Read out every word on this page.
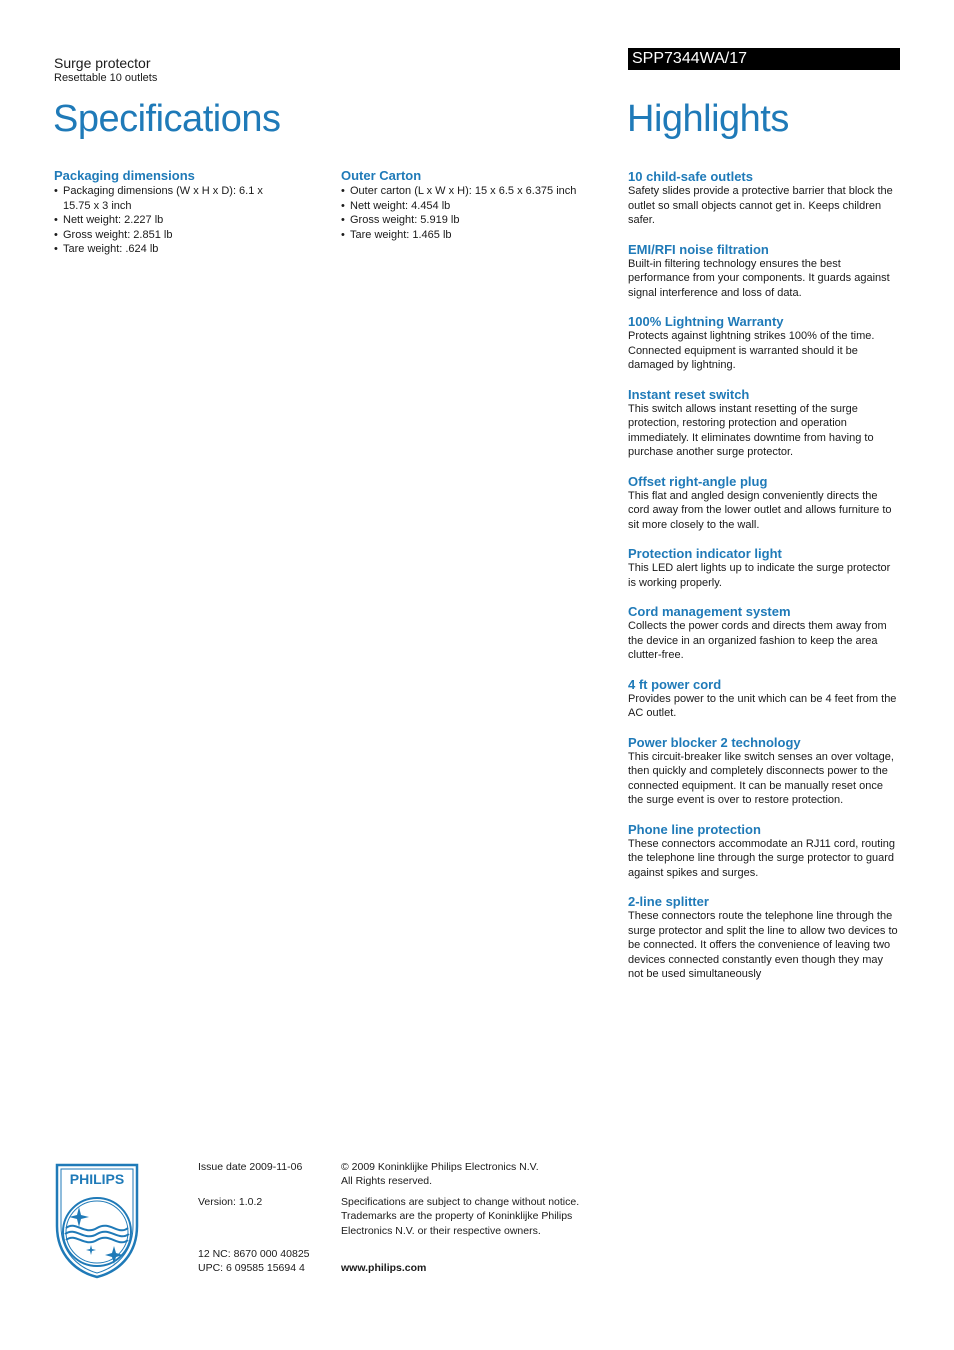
Surge protector
Resettable 10 outlets
Specifications
SPP7344WA/17
Highlights
Packaging dimensions
• Packaging dimensions (W x H x D): 6.1 x 15.75 x 3 inch
• Nett weight: 2.227 lb
• Gross weight: 2.851 lb
• Tare weight: .624 lb
Outer Carton
• Outer carton (L x W x H): 15 x 6.5 x 6.375 inch
• Nett weight: 4.454 lb
• Gross weight: 5.919 lb
• Tare weight: 1.465 lb
10 child-safe outlets
Safety slides provide a protective barrier that block the outlet so small objects cannot get in. Keeps children safer.
EMI/RFI noise filtration
Built-in filtering technology ensures the best performance from your components. It guards against signal interference and loss of data.
100% Lightning Warranty
Protects against lightning strikes 100% of the time. Connected equipment is warranted should it be damaged by lightning.
Instant reset switch
This switch allows instant resetting of the surge protection, restoring protection and operation immediately. It eliminates downtime from having to purchase another surge protector.
Offset right-angle plug
This flat and angled design conveniently directs the cord away from the lower outlet and allows furniture to sit more closely to the wall.
Protection indicator light
This LED alert lights up to indicate the surge protector is working properly.
Cord management system
Collects the power cords and directs them away from the device in an organized fashion to keep the area clutter-free.
4 ft power cord
Provides power to the unit which can be 4 feet from the AC outlet.
Power blocker 2 technology
This circuit-breaker like switch senses an over voltage, then quickly and completely disconnects power to the connected equipment. It can be manually reset once the surge event is over to restore protection.
Phone line protection
These connectors accommodate an RJ11 cord, routing the telephone line through the surge protector to guard against spikes and surges.
2-line splitter
These connectors route the telephone line through the surge protector and split the line to allow two devices to be connected. It offers the convenience of leaving two devices connected constantly even though they may not be used simultaneously
PHILIPS
Issue date 2009-11-06
Version: 1.0.2
12 NC: 8670 000 40825
UPC: 6 09585 15694 4
© 2009 Koninklijke Philips Electronics N.V.
All Rights reserved.
Specifications are subject to change without notice.
Trademarks are the property of Koninklijke Philips
Electronics N.V. or their respective owners.
www.philips.com
